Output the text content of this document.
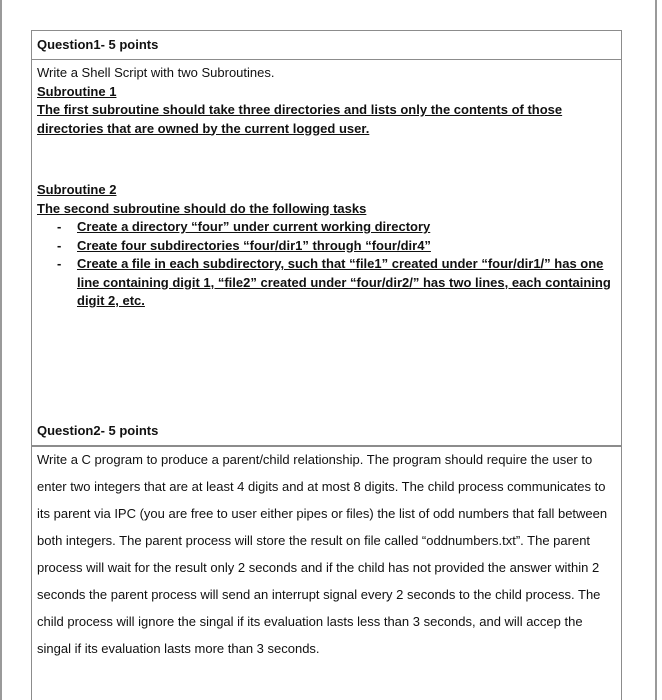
Question1- 5 points
Write a Shell Script with two Subroutines.
Subroutine 1
The first subroutine should take three directories and lists only the contents of those directories that are owned by the current logged user.
Subroutine 2
The second subroutine should do the following tasks
- Create a directory “four” under current working directory
- Create four subdirectories “four/dir1” through “four/dir4”
- Create a file in each subdirectory, such that “file1” created under “four/dir1/” has one line containing digit 1, “file2” created under “four/dir2/” has two lines, each containing digit 2, etc.
Question2- 5 points
Write a C program to produce a parent/child relationship. The program should require the user to enter two integers that are at least 4 digits and at most 8 digits. The child process communicates to its parent via IPC (you are free to user either pipes or files) the list of odd numbers that fall between both integers. The parent process will store the result on file called “oddnumbers.txt”. The parent process will wait for the result only 2 seconds and if the child has not provided the answer within 2 seconds the parent process will send an interrupt signal every 2 seconds to the child process. The child process will ignore the singal if its evaluation lasts less than 3 seconds, and will accep the singal if its evaluation lasts more than 3 seconds.
